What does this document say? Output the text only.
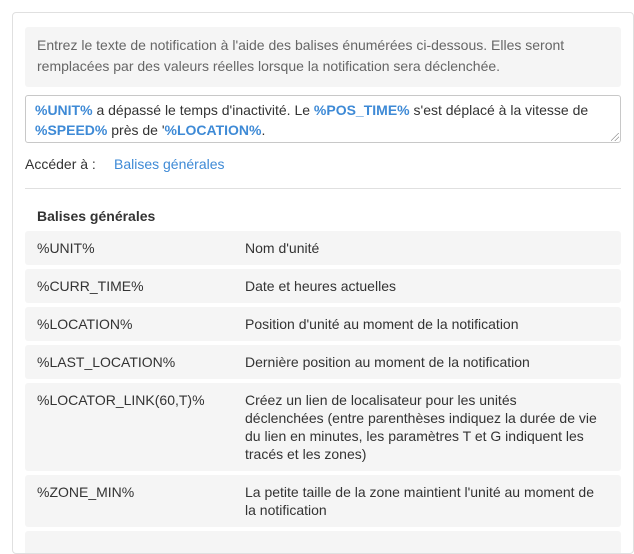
Entrez le texte de notification à l'aide des balises énumérées ci-dessous. Elles seront remplacées par des valeurs réelles lorsque la notification sera déclenchée.
%UNIT% a dépassé le temps d'inactivité. Le %POS_TIME% s'est déplacé à la vitesse de %SPEED% près de '%LOCATION%.
Accéder à : Balises générales
Balises générales
%UNIT%	Nom d'unité
%CURR_TIME%	Date et heures actuelles
%LOCATION%	Position d'unité au moment de la notification
%LAST_LOCATION%	Dernière position au moment de la notification
%LOCATOR_LINK(60,T)%	Créez un lien de localisateur pour les unités déclenchées (entre parenthèses indiquez la durée de vie du lien en minutes, les paramètres T et G indiquent les tracés et les zones)
%ZONE_MIN%	La petite taille de la zone maintient l'unité au moment de la notification
